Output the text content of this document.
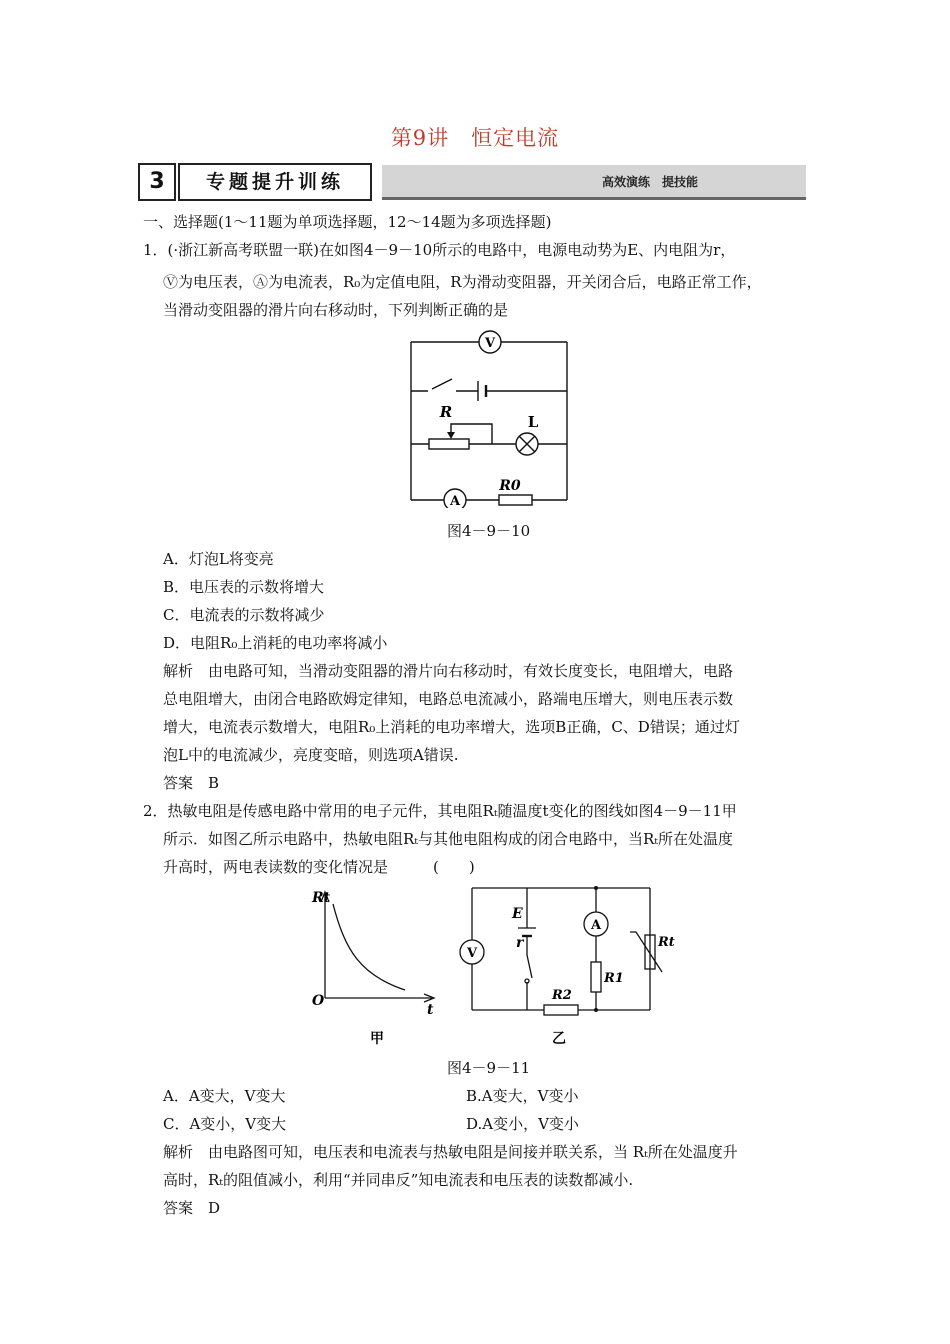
第9讲　恒定电流
3	专题提升训练	高效演练　提技能
一、选择题(1～11题为单项选择题，12～14题为多项选择题)
1．(·浙江新高考联盟一联)在如图4－9－10所示的电路中，电源电动势为E、内电阻为r，
Ⓥ为电压表，Ⓐ为电流表，R₀为定值电阻，R为滑动变阻器，开关闭合后，电路正常工作，
当滑动变阻器的滑片向右移动时，下列判断正确的是
V
A
R
L
R0
图4－9－10
A．灯泡L将变亮
B．电压表的示数将增大
C．电流表的示数将减少
D．电阻R₀上消耗的电功率将减小
解析　由电路可知，当滑动变阻器的滑片向右移动时，有效长度变长，电阻增大，电路
总电阻增大，由闭合电路欧姆定律知，电路总电流减小，路端电压增大，则电压表示数
增大，电流表示数增大，电阻R₀上消耗的电功率增大，选项B正确，C、D错误；通过灯
泡L中的电流减少，亮度变暗，则选项A错误.
答案　B
2．热敏电阻是传感电路中常用的电子元件，其电阻Rₜ随温度t变化的图线如图4－9－11甲
所示．如图乙所示电路中，热敏电阻Rₜ与其他电阻构成的闭合电路中，当Rₜ所在处温度
升高时，两电表读数的变化情况是　　　(　　)
Rt
t
O
甲
V
A
E
r
R1
R2
Rt
乙
图4－9－11
A．A变大，V变大	B.A变大，V变小
C．A变小，V变大	D.A变小，V变小
解析　由电路图可知，电压表和电流表与热敏电阻是间接并联关系，当 Rₜ所在处温度升
高时，Rₜ的阻值减小，利用“并同串反”知电流表和电压表的读数都减小.
答案　D
